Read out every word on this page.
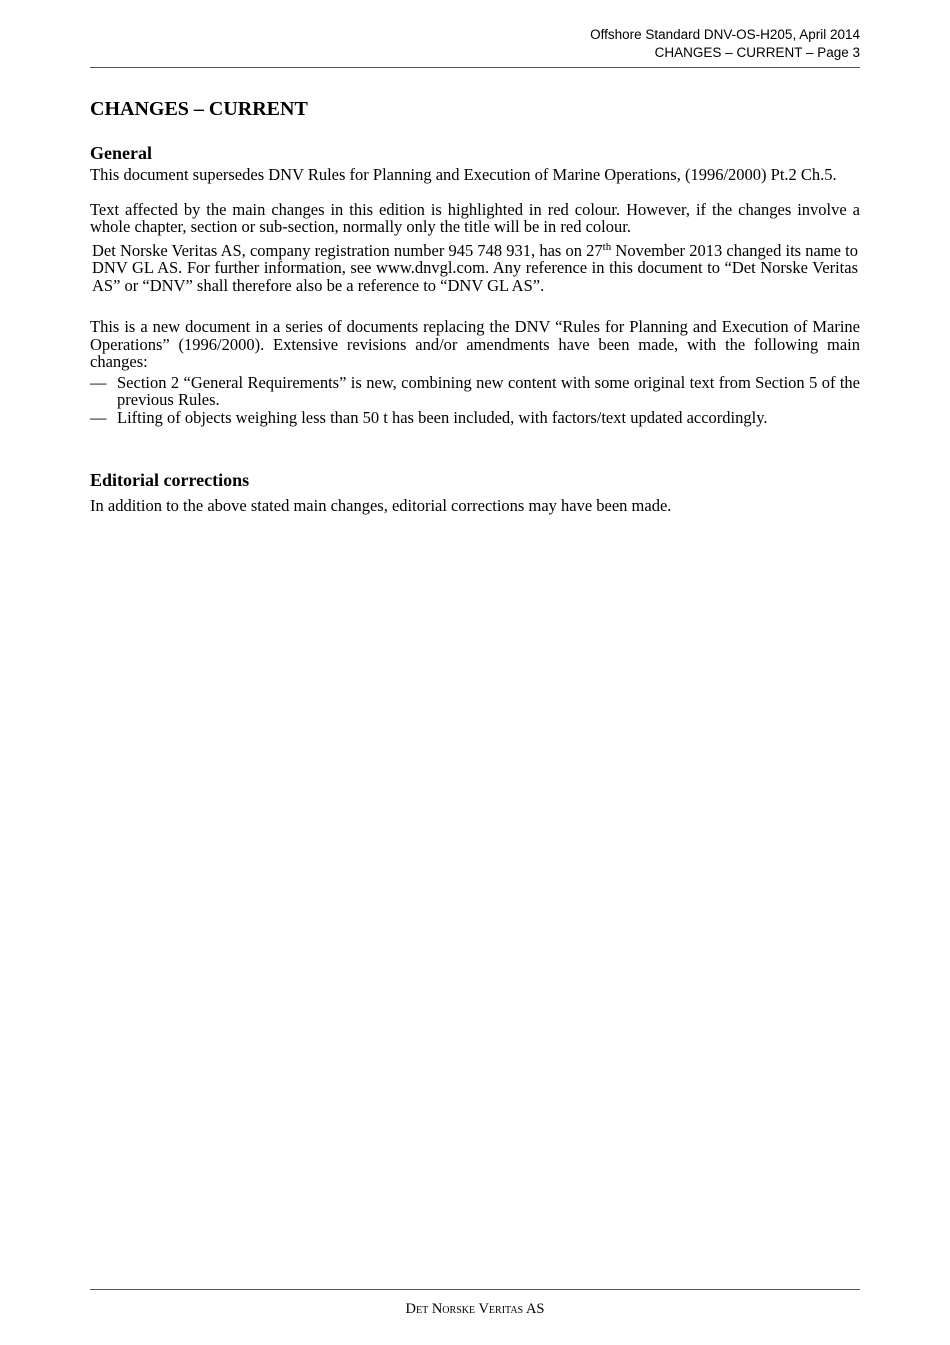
Offshore Standard DNV-OS-H205, April 2014
CHANGES – CURRENT – Page 3
CHANGES – CURRENT
General

This document supersedes DNV Rules for Planning and Execution of Marine Operations, (1996/2000) Pt.2 Ch.5.

Text affected by the main changes in this edition is highlighted in red colour. However, if the changes involve a whole chapter, section or sub-section, normally only the title will be in red colour.

Det Norske Veritas AS, company registration number 945 748 931, has on 27th November 2013 changed its name to DNV GL AS. For further information, see www.dnvgl.com. Any reference in this document to “Det Norske Veritas AS” or “DNV” shall therefore also be a reference to “DNV GL AS”.

This is a new document in a series of documents replacing the DNV “Rules for Planning and Execution of Marine Operations” (1996/2000). Extensive revisions and/or amendments have been made, with the following main changes:

— Section 2 “General Requirements” is new, combining new content with some original text from Section 5 of the previous Rules.
— Lifting of objects weighing less than 50 t has been included, with factors/text updated accordingly.
Editorial corrections

In addition to the above stated main changes, editorial corrections may have been made.

Det Norske Veritas AS
